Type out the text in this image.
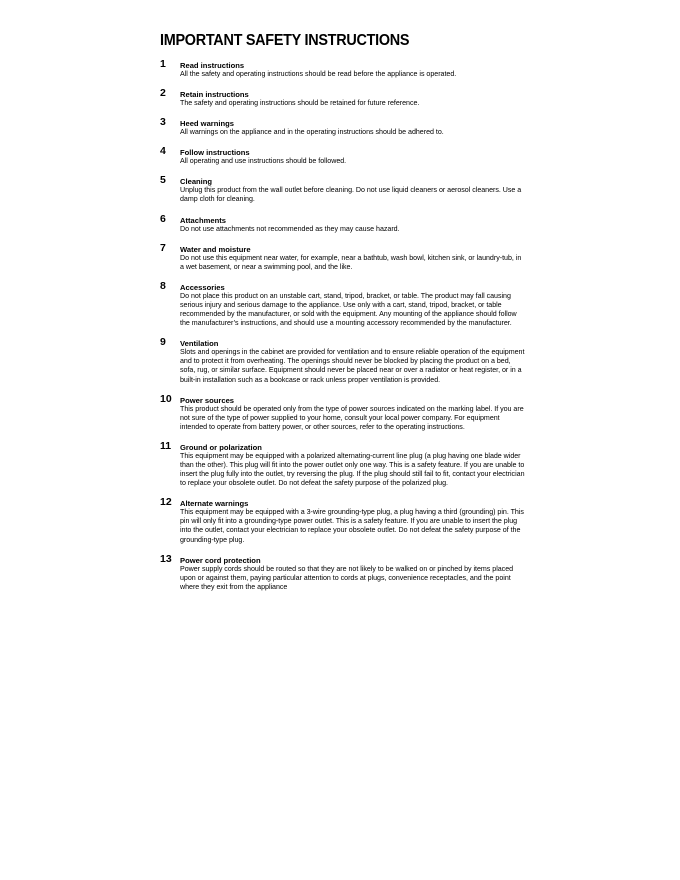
IMPORTANT SAFETY INSTRUCTIONS
1	Read instructions
All the safety and operating instructions should be read before the appliance is operated.
2	Retain instructions
The safety and operating instructions should be retained for future reference.
3	Heed warnings
All warnings on the appliance and in the operating instructions should be adhered to.
4	Follow instructions
All operating and use instructions should be followed.
5	Cleaning
Unplug this product from the wall outlet before cleaning. Do not use liquid cleaners or aerosol cleaners. Use a damp cloth for cleaning.
6	Attachments
Do not use attachments not recommended as they may cause hazard.
7	Water and moisture
Do not use this equipment near water, for example, near a bathtub, wash bowl, kitchen sink, or laundry-tub, in a wet basement, or near a swimming pool, and the like.
8	Accessories
Do not place this product on an unstable cart, stand, tripod, bracket, or table. The product may fall causing serious injury and serious damage to the appliance. Use only with a cart, stand, tripod, bracket, or table recommended by the manufacturer, or sold with the equipment. Any mounting of the appliance should follow the manufacturer’s instructions, and should use a mounting accessory recommended by the manufacturer.
9	Ventilation
Slots and openings in the cabinet are provided for ventilation and to ensure reliable operation of the equipment and to protect it from overheating. The openings should never be blocked by placing the product on a bed, sofa, rug, or similar surface. Equipment should never be placed near or over a radiator or heat register, or in a built-in installation such as a bookcase or rack unless proper ventilation is provided.
10	Power sources
This product should be operated only from the type of power sources indicated on the marking label. If you are not sure of the type of power supplied to your home, consult your local power company. For equipment intended to operate from battery power, or other sources, refer to the operating instructions.
11	Ground or polarization
This equipment may be equipped with a polarized alternating-current line plug (a plug having one blade wider than the other). This plug will fit into the power outlet only one way. This is a safety feature. If you are unable to insert the plug fully into the outlet, try reversing the plug. If the plug should still fail to fit, contact your electrician to replace your obsolete outlet. Do not defeat the safety purpose of the polarized plug.
12	Alternate warnings
This equipment may be equipped with a 3-wire grounding-type plug, a plug having a third (grounding) pin. This pin will only fit into a grounding-type power outlet. This is a safety feature. If you are unable to insert the plug into the outlet, contact your electrician to replace your obsolete outlet. Do not defeat the safety purpose of the grounding-type plug.
13	Power cord protection
Power supply cords should be routed so that they are not likely to be walked on or pinched by items placed upon or against them, paying particular attention to cords at plugs, convenience receptacles, and the point where they exit from the appliance
